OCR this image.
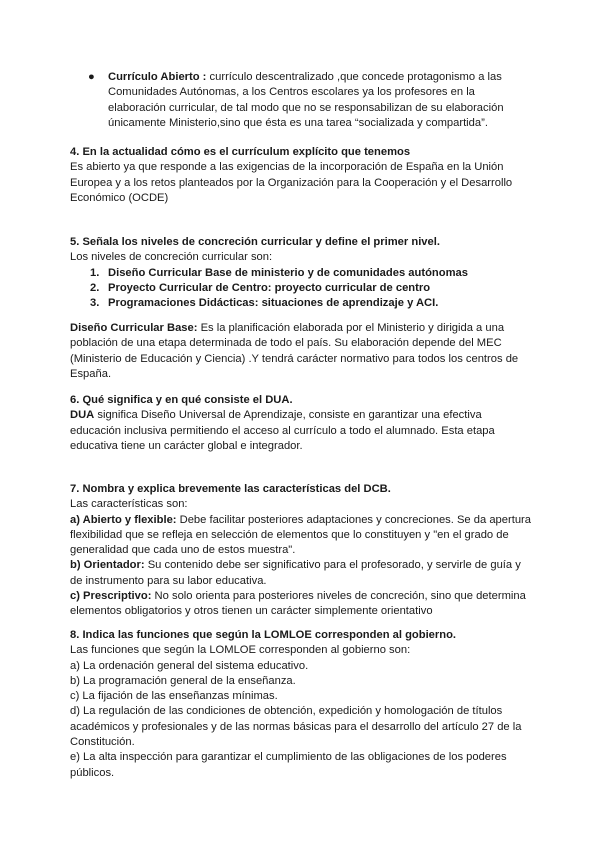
● Currículo Abierto : currículo descentralizado ,que concede protagonismo a las Comunidades Autónomas, a los Centros escolares ya los profesores en la elaboración curricular, de tal modo que no se responsabilizan de su elaboración únicamente Ministerio,sino que ésta es una tarea “socializada y compartida”.

4. En la actualidad cómo es el currículum explícito que tenemos

Es abierto ya que responde a las exigencias de la incorporación de España en la Unión Europea y a los retos planteados por la Organización para la Cooperación y el Desarrollo Económico (OCDE)

5. Señala los niveles de concreción curricular y define el primer nivel.

Los niveles de concreción curricular son:

1. Diseño Curricular Base de ministerio y de comunidades autónomas
2. Proyecto Curricular de Centro: proyecto curricular de centro
3. Programaciones Didácticas: situaciones de aprendizaje y ACI.

Diseño Curricular Base: Es la planificación elaborada por el Ministerio y dirigida a una población de una etapa determinada de todo el país. Su elaboración depende del MEC (Ministerio de Educación y Ciencia) .Y tendrá carácter normativo para todos los centros de España.

6. Qué significa y en qué consiste el DUA.

DUA significa Diseño Universal de Aprendizaje, consiste en garantizar una efectiva educación inclusiva permitiendo el acceso al currículo a todo el alumnado. Esta etapa educativa tiene un carácter global e integrador.

7. Nombra y explica brevemente las características del DCB.

Las características son:

a) Abierto y flexible: Debe facilitar posteriores adaptaciones y concreciones. Se da apertura flexibilidad que se refleja en selección de elementos que lo constituyen y "en el grado de generalidad que cada uno de estos muestra".

b) Orientador: Su contenido debe ser significativo para el profesorado, y servirle de guía y de instrumento para su labor educativa.

c) Prescriptivo: No solo orienta para posteriores niveles de concreción, sino que determina elementos obligatorios y otros tienen un carácter simplemente orientativo

8. Indica las funciones que según la LOMLOE corresponden al gobierno.

Las funciones que según la LOMLOE corresponden al gobierno son:

a) La ordenación general del sistema educativo.

b) La programación general de la enseñanza.

c) La fijación de las enseñanzas mínimas.

d) La regulación de las condiciones de obtención, expedición y homologación de títulos académicos y profesionales y de las normas básicas para el desarrollo del artículo 27 de la Constitución.

e) La alta inspección para garantizar el cumplimiento de las obligaciones de los poderes públicos.
